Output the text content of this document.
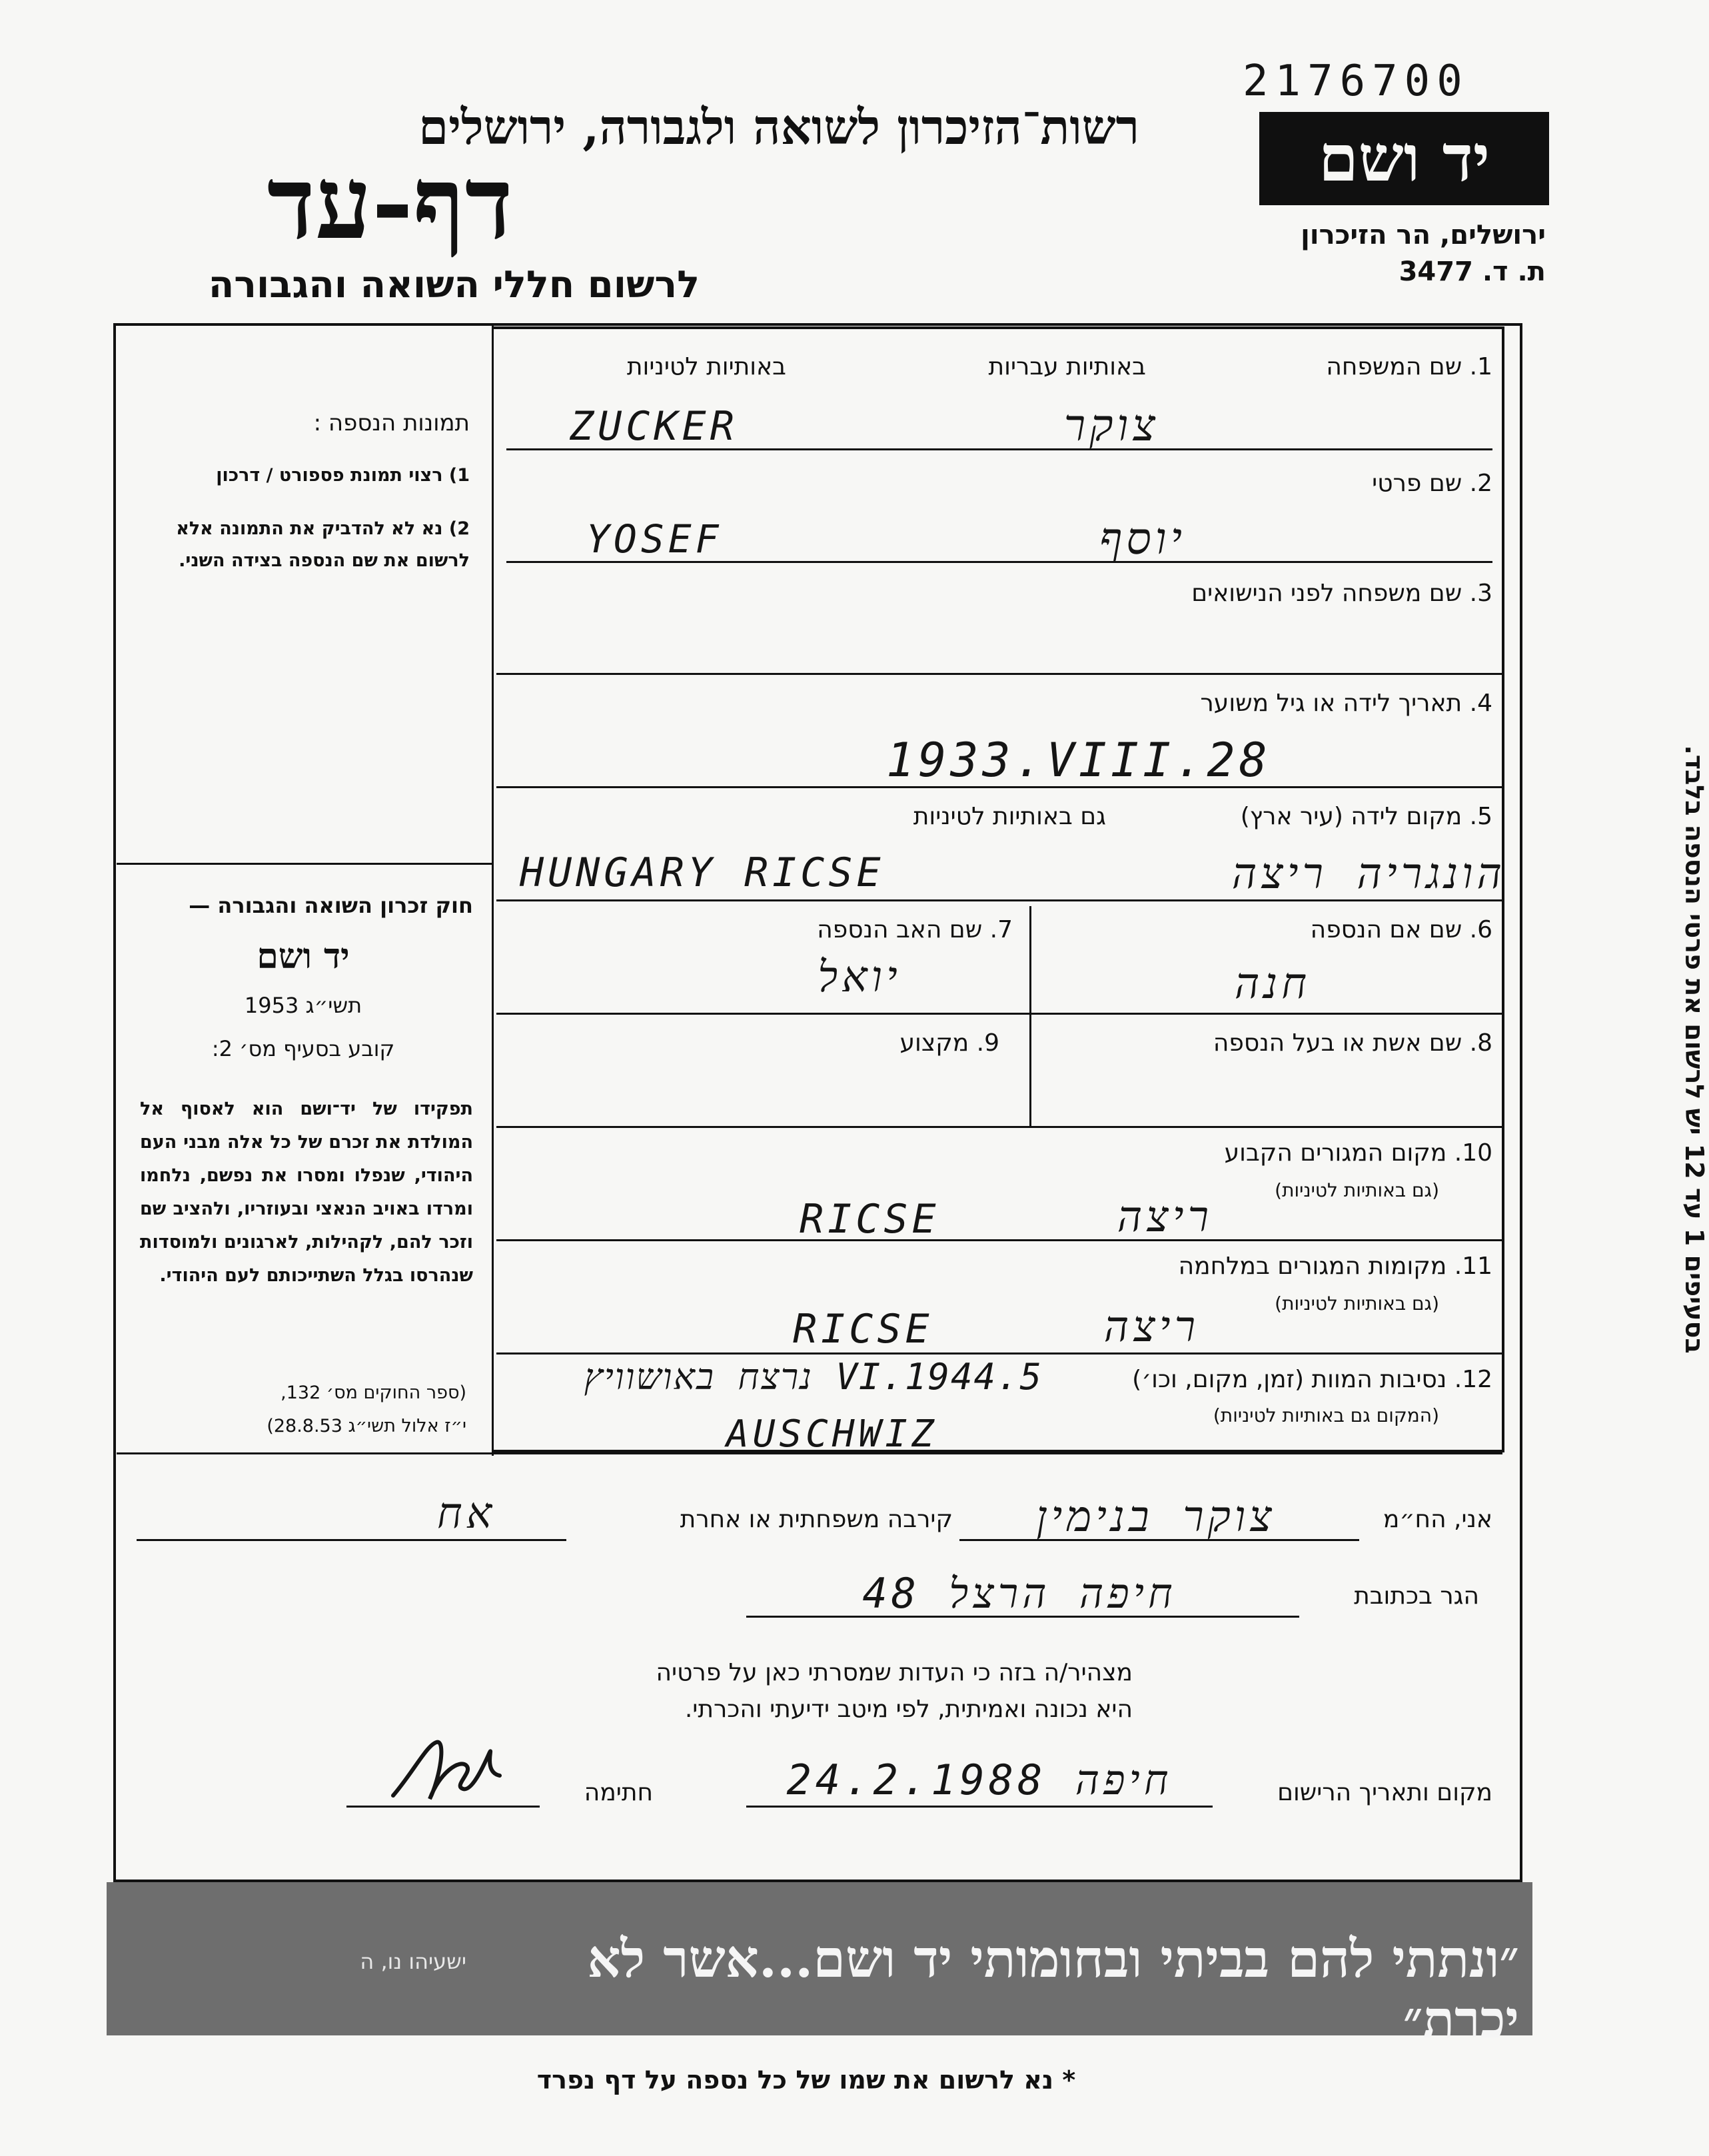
2176700
רשות־הזיכרון לשואה ולגבורה, ירושלים
דף-עד
לרשום חללי השואה והגבורה
יד ושם
ירושלים, הר הזיכרון
ת. ד. 3477
תמונות הנספה :
1) רצוי תמונת פספורט / דרכון
2) נא לא להדביק את התמונה אלא לרשום את שם הנספה בצידה השני.
חוק זכרון השואה והגבורה —
יד ושם
תשי״ג 1953
קובע בסעיף מס׳ 2:
תפקידו של יד־ושם הוא לאסוף אל המולדת את זכרם של כל אלה מבני העם היהודי, שנפלו ומסרו את נפשם, נלחמו ומרדו באויב הנאצי ובעוזריו, ולהציב שם וזכר להם, לקהילות, לארגונים ולמוסדות שנהרסו בגלל השתייכותם לעם היהודי.
(ספר החוקים מס׳ 132,
י״ז אלול תשי״ג 28.8.53)
בסעיפים 1 עד 12 יש לרשום את פרטי הנספה בלבד.
1. שם המשפחה
באותיות עבריות
באותיות לטיניות
ZUCKER	צוקר
2. שם פרטי
YOSEF	יוסף
3. שם משפחה לפני הנישואים
4. תאריך לידה או גיל משוער
1933.VIII.28
5. מקום לידה (עיר ארץ)
גם באותיות לטיניות
HUNGARY RICSE	הונגריה ריצה
6. שם אם הנספה
חנה
7. שם האב הנספה
יואל
8. שם אשת או בעל הנספה
9. מקצוע
10. מקום המגורים הקבוע
(גם באותיות לטיניות)
RICSE	ריצה
11. מקומות המגורים במלחמה
(גם באותיות לטיניות)
RICSE	ריצה
12. נסיבות המוות (זמן, מקום, וכו׳)
(המקום גם באותיות לטיניות)
5.VI.1944 נרצח באושוויץ
AUSCHWIZ
אני, הח״מ
צוקר בנימין
קירבה משפחתית או אחרת
אח
הגר בכתובת
חיפה הרצל 48
מצהיר/ה בזה כי העדות שמסרתי כאן על פרטיה
היא נכונה ואמיתית, לפי מיטב ידיעתי והכרתי.
מקום ותאריך הרישום
חיפה 24.2.1988
חתימה
״ונתתי להם בביתי ובחומותי יד ושם...אשר לא יכרת״
ישעיהו נו, ה
* נא לרשום את שמו של כל נספה על דף נפרד
